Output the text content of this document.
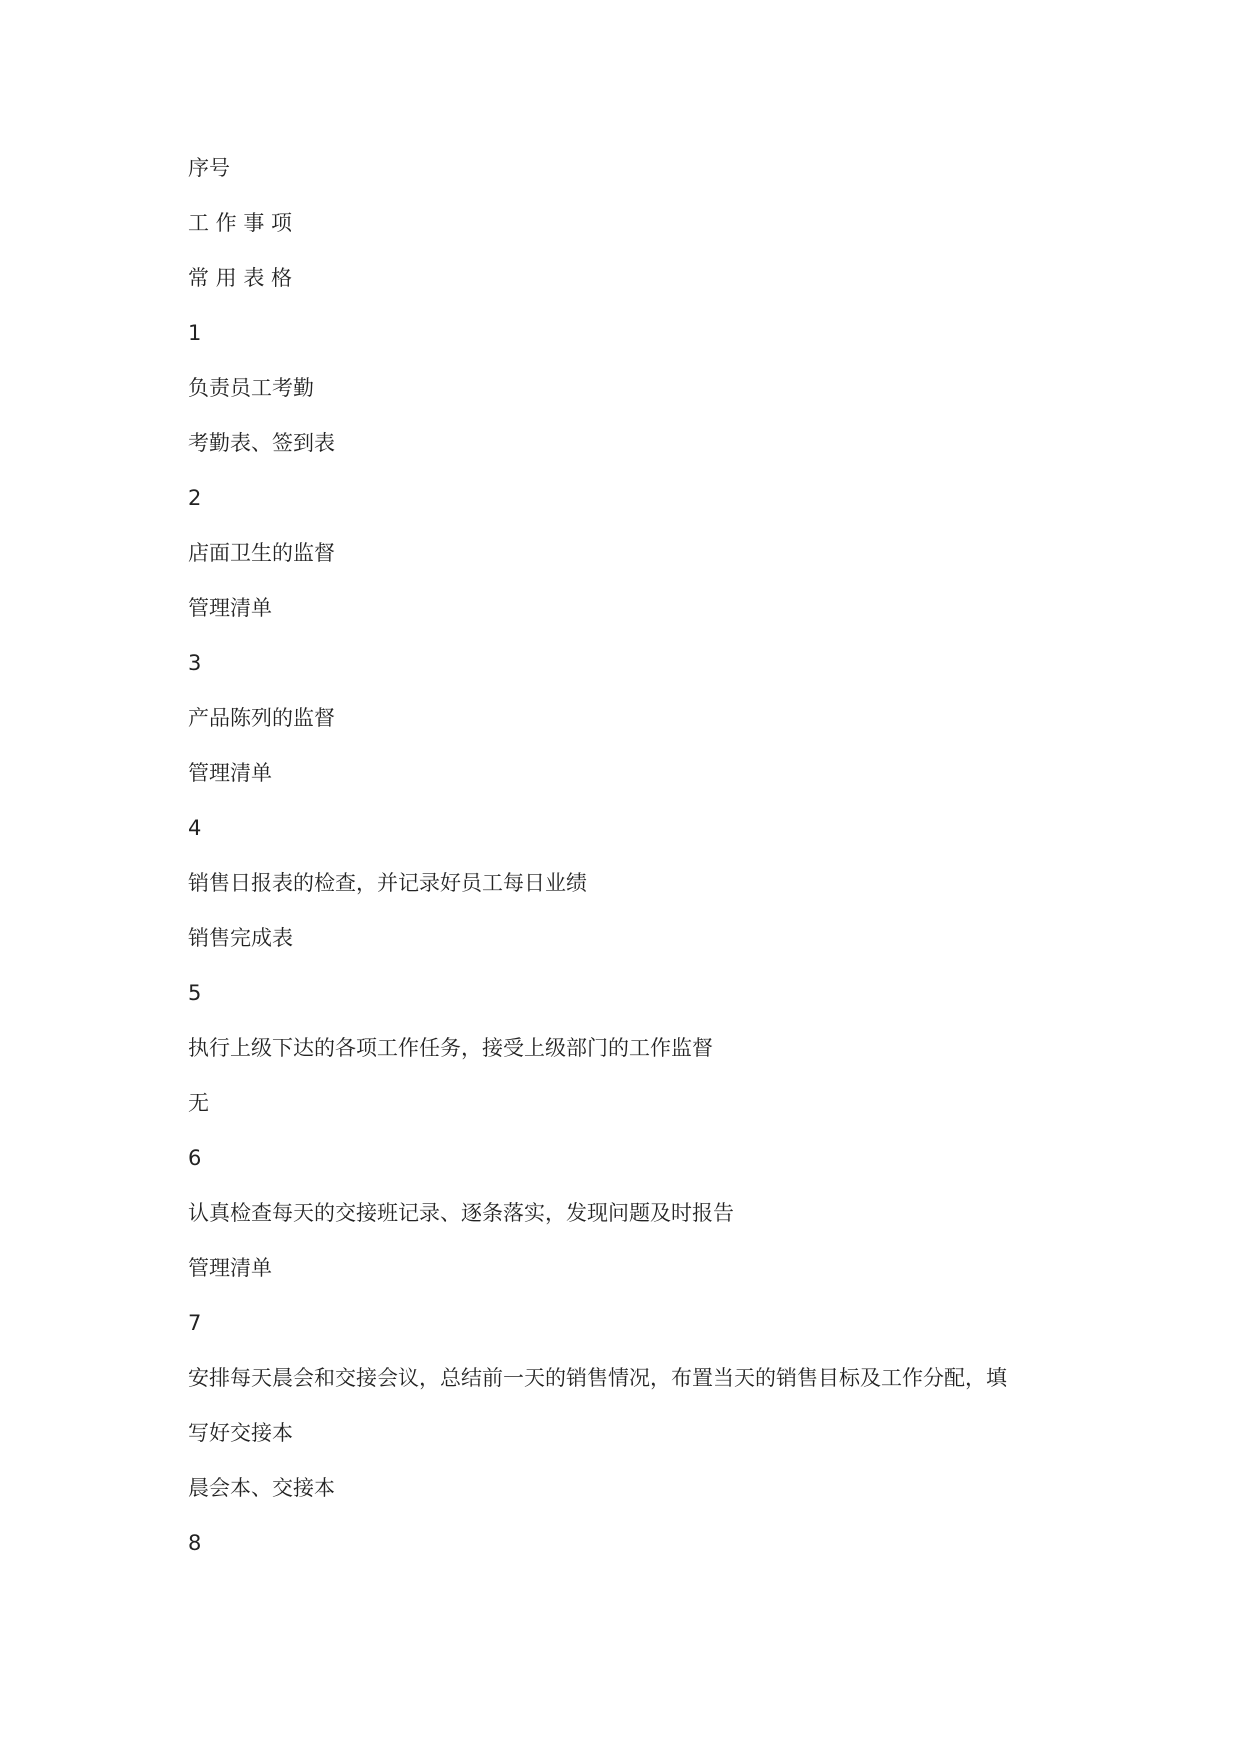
序号
工 作 事 项
常 用 表 格
1
负责员工考勤
考勤表、签到表
2
店面卫生的监督
管理清单
3
产品陈列的监督
管理清单
4
销售日报表的检查，并记录好员工每日业绩
销售完成表
5
执行上级下达的各项工作任务，接受上级部门的工作监督
无
6
认真检查每天的交接班记录、逐条落实，发现问题及时报告
管理清单
7
安排每天晨会和交接会议，总结前一天的销售情况，布置当天的销售目标及工作分配，填
写好交接本
晨会本、交接本
8
